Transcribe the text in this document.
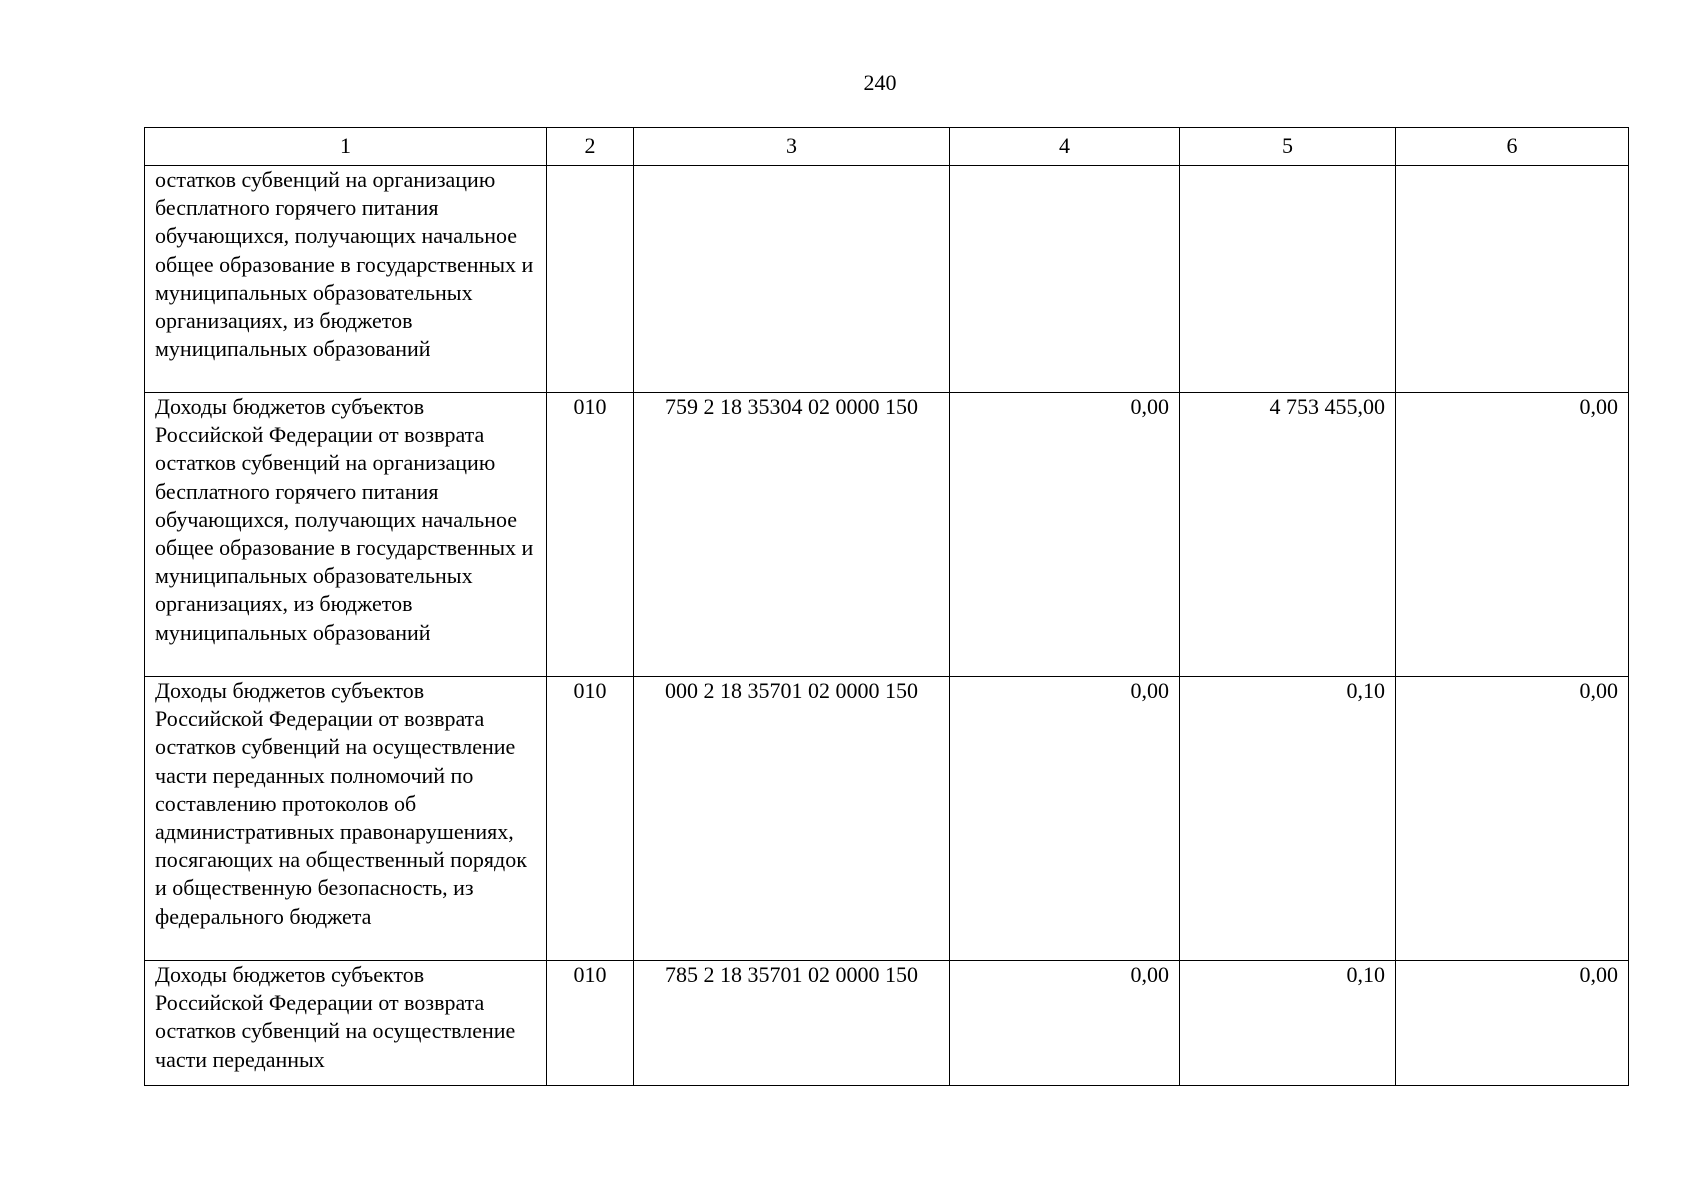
240
1	2	3	4	5	6
остатков субвенций на организацию бесплатного горячего питания обучающихся, получающих начальное общее образование в государственных и муниципальных образовательных организациях, из бюджетов муниципальных образований					
Доходы бюджетов субъектов Российской Федерации от возврата остатков субвенций на организацию бесплатного горячего питания обучающихся, получающих начальное общее образование в государственных и муниципальных образовательных организациях, из бюджетов муниципальных образований	010	759 2 18 35304 02 0000 150	0,00	4 753 455,00	0,00
Доходы бюджетов субъектов Российской Федерации от возврата остатков субвенций на осуществление части переданных полномочий по составлению протоколов об административных правонарушениях, посягающих на общественный порядок и общественную безопасность, из федерального бюджета	010	000 2 18 35701 02 0000 150	0,00	0,10	0,00
Доходы бюджетов субъектов Российской Федерации от возврата остатков субвенций на осуществление части переданных	010	785 2 18 35701 02 0000 150	0,00	0,10	0,00
